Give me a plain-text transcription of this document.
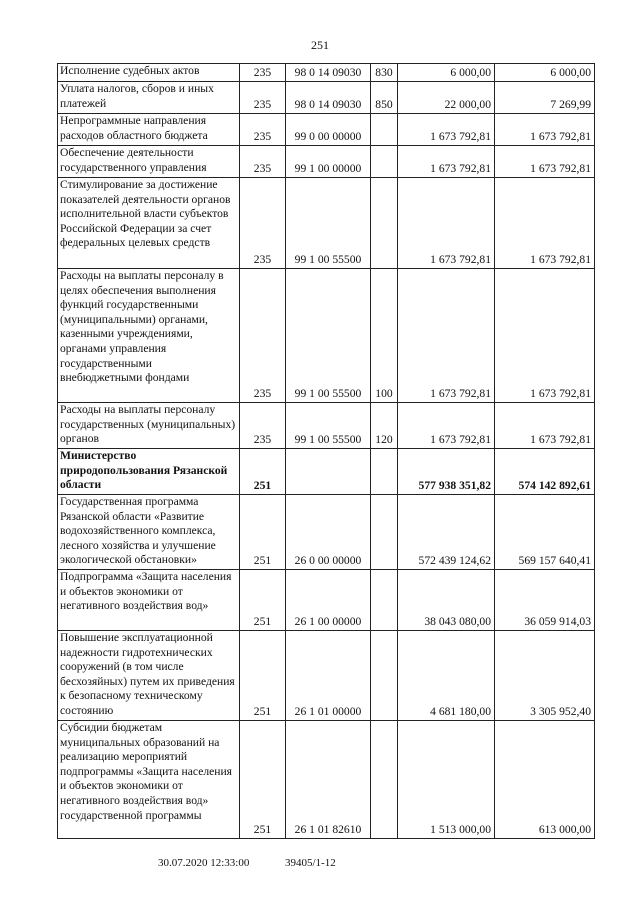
251
Исполнение судебных актов	235	98 0 14 09030	830	6 000,00	6 000,00
Уплата налогов, сборов и иных платежей	235	98 0 14 09030	850	22 000,00	7 269,99
Непрограммные направления расходов областного бюджета	235	99 0 00 00000		1 673 792,81	1 673 792,81
Обеспечение деятельности государственного управления	235	99 1 00 00000		1 673 792,81	1 673 792,81
Стимулирование за достижение показателей деятельности органов исполнительной власти субъектов Российской Федерации за счет федеральных целевых средств	235	99 1 00 55500		1 673 792,81	1 673 792,81
Расходы на выплаты персоналу в целях обеспечения выполнения функций государственными (муниципальными) органами, казенными учреждениями, органами управления государственными внебюджетными фондами	235	99 1 00 55500	100	1 673 792,81	1 673 792,81
Расходы на выплаты персоналу государственных (муниципальных) органов	235	99 1 00 55500	120	1 673 792,81	1 673 792,81
Министерство природопользования Рязанской области	251			577 938 351,82	574 142 892,61
Государственная программа Рязанской области «Развитие водохозяйственного комплекса, лесного хозяйства и улучшение экологической обстановки»	251	26 0 00 00000		572 439 124,62	569 157 640,41
Подпрограмма «Защита населения и объектов экономики от негативного воздействия вод»	251	26 1 00 00000		38 043 080,00	36 059 914,03
Повышение эксплуатационной надежности гидротехнических сооружений (в том числе бесхозяйных) путем их приведения к безопасному техническому состоянию	251	26 1 01 00000		4 681 180,00	3 305 952,40
Субсидии бюджетам муниципальных образований на реализацию мероприятий подпрограммы «Защита населения и объектов экономики от негативного воздействия вод» государственной программы	251	26 1 01 82610		1 513 000,00	613 000,00
30.07.2020 12:33:00	39405/1-12
